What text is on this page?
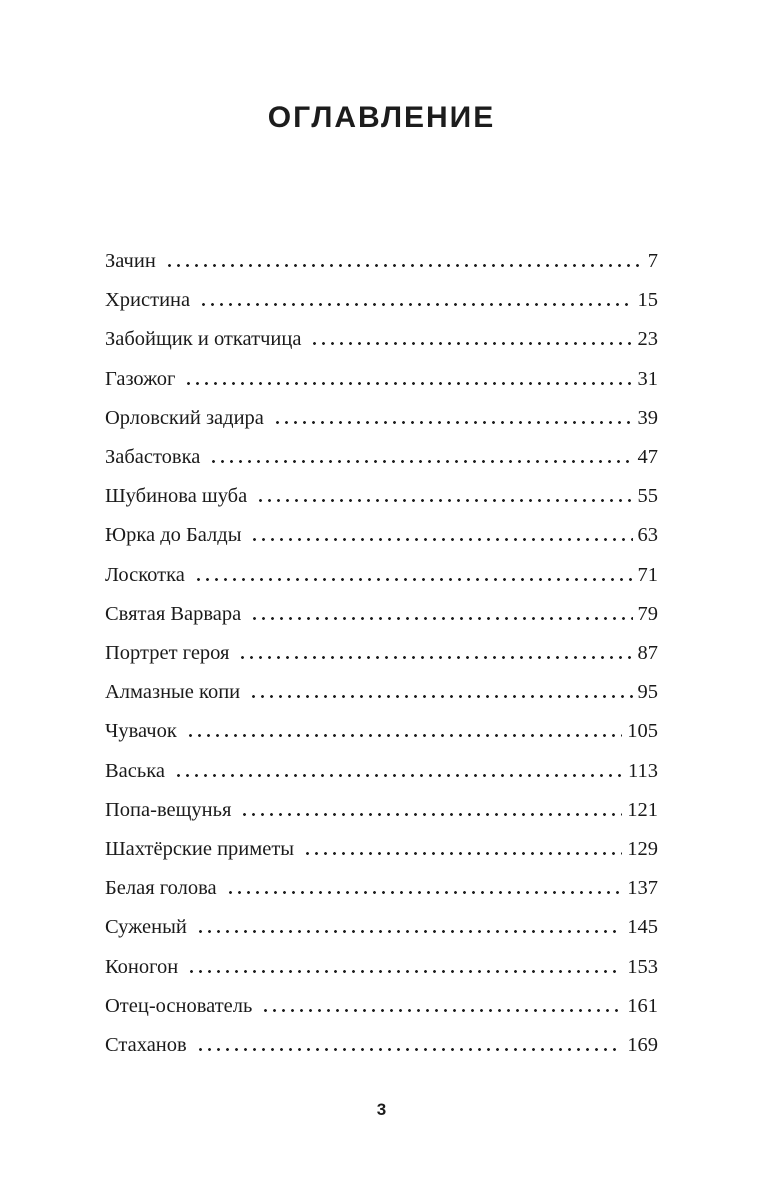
ОГЛАВЛЕНИЕ
Зачин	7
Христина	15
Забойщик и откатчица	23
Газожог	31
Орловский задира	39
Забастовка	47
Шубинова шуба	55
Юрка до Балды	63
Лоскотка	71
Святая Варвара	79
Портрет героя	87
Алмазные копи	95
Чувачок	105
Васька	113
Попа-вещунья	121
Шахтёрские приметы	129
Белая голова	137
Суженый	145
Коногон	153
Отец-основатель	161
Стаханов	169
3
